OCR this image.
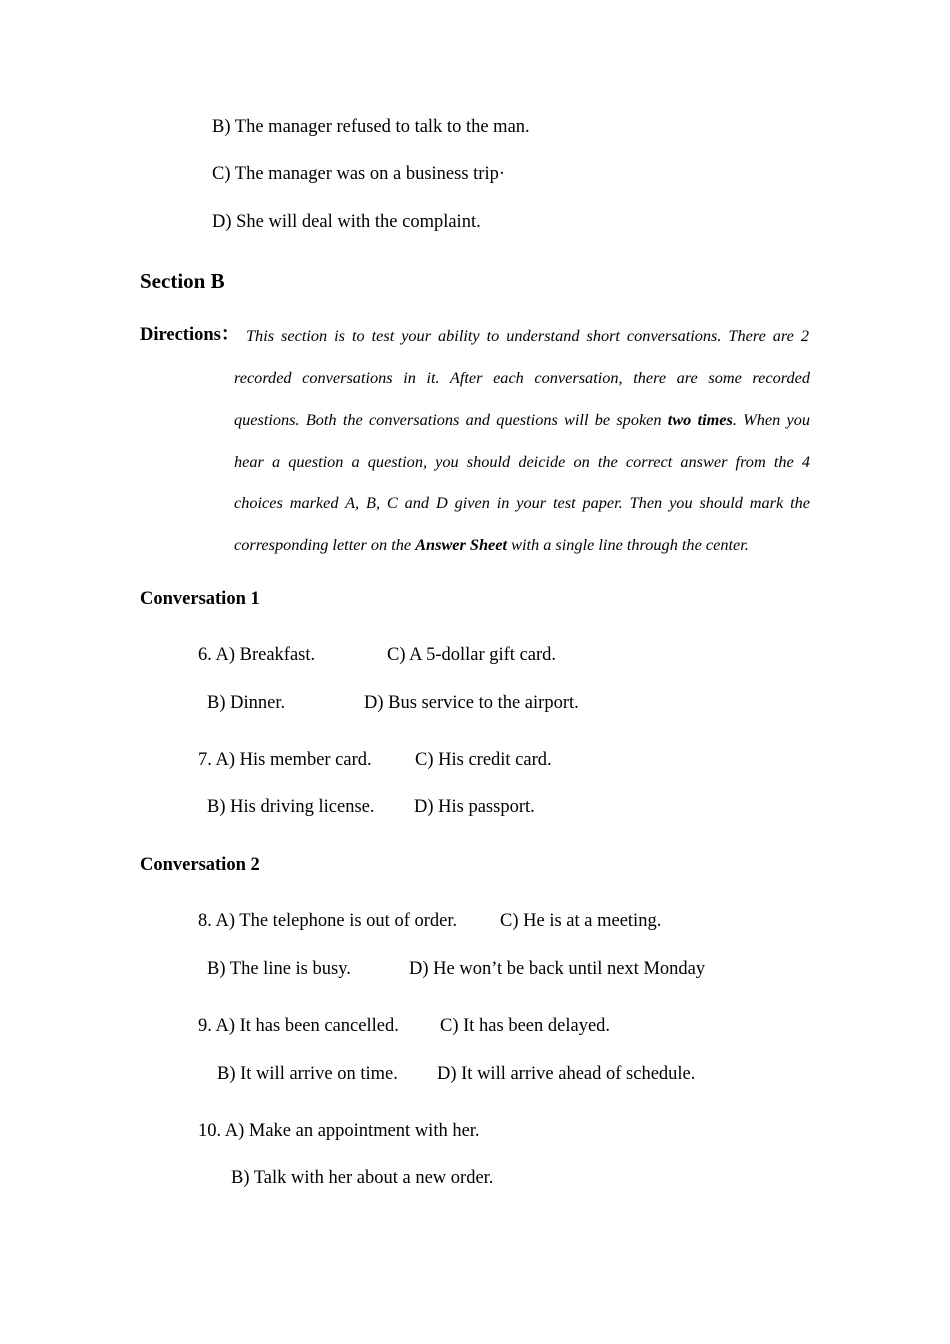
B) The manager refused to talk to the man.
C) The manager was on a business trip·
D) She will deal with the complaint.
Section B
Directions： This section is to test your ability to understand short conversations. There are 2
recorded conversations in it. After each conversation, there are some recorded
questions. Both the conversations and questions will be spoken two times. When you
hear a question a question, you should deicide on the correct answer from the 4
choices marked A, B, C and D given in your test paper. Then you should mark the
corresponding letter on the Answer Sheet with a single line through the center.
Conversation 1
6. A) Breakfast.	C) A 5-dollar gift card.
B) Dinner.	D) Bus service to the airport.
7. A) His member card. C) His credit card.
B) His driving license. D) His passport.
Conversation 2
8. A) The telephone is out of order. C) He is at a meeting.
B) The line is busy.	D) He won’t be back until next Monday
9. A) It has been cancelled. C) It has been delayed.
B) It will arrive on time. D) It will arrive ahead of schedule.
10. A) Make an appointment with her.
B) Talk with her about a new order.
